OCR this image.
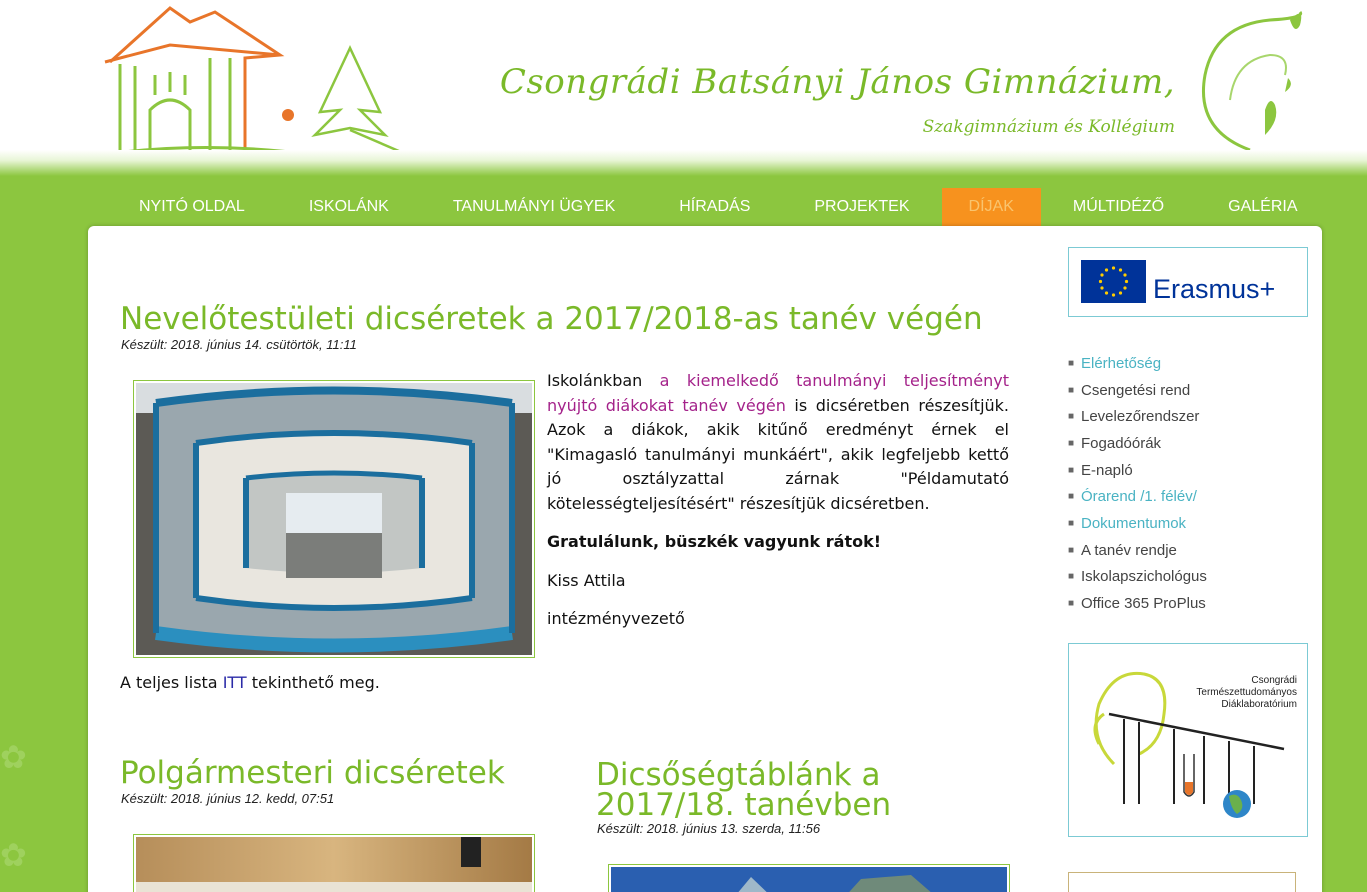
Csongrádi Batsányi János Gimnázium,
Szakgimnázium és Kollégium
NYITÓ OLDAL	ISKOLÁNK	TANULMÁNYI ÜGYEK	HÍRADÁS	PROJEKTEK	DÍJAK	MÚLTIDÉZŐ	GALÉRIA
✿
✿
Nevelőtestületi dicséretek a 2017/2018-as tanév végén
Készült: 2018. június 14. csütörtök, 11:11

Iskolánkban a kiemelkedő tanulmányi teljesítményt nyújtó diákokat tanév végén is dicséretben részesítjük. Azok a diákok, akik kitűnő eredményt érnek el "Kimagasló tanulmányi munkáért", akik legfeljebb kettő jó osztályzattal zárnak "Példamutató kötelességteljesítésért" részesítjük dicséretben.

Gratulálunk, büszkék vagyunk rátok!

Kiss Attila

intézményvezető

A teljes lista ITT tekinthető meg.
Polgármesteri dicséretek
Készült: 2018. június 12. kedd, 07:51
Dicsőségtáblánk a 2017/18. tanévben
Készült: 2018. június 13. szerda, 11:56
Erasmus+
■ Elérhetőség
■ Csengetési rend
■ Levelezőrendszer
■ Fogadóórák
■ E-napló
■ Órarend /1. félév/
■ Dokumentumok
■ A tanév rendje
■ Iskolapszichológus
■ Office 365 ProPlus
Csongrádi
Természettudományos
Diáklaboratórium
